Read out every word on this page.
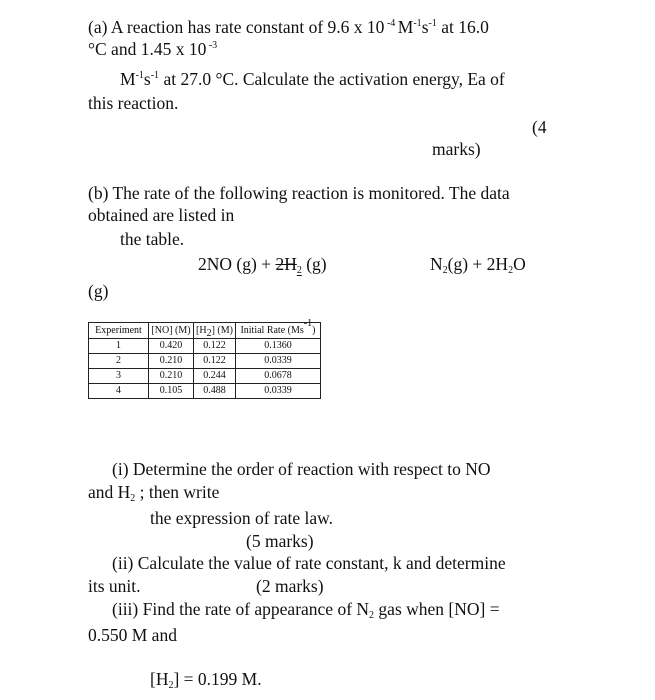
(a) A reaction has rate constant of 9.6 x 10 $^{-4}$ $M^{-1}s^{-1}$ at 16.0
°C and 1.45 x 10 $^{-3}$
$M^{-1}s^{-1}$ at 27.0 °C. Calculate the activation energy, Ea of
this reaction.
(4
marks)
(b) The rate of the following reaction is monitored. The data
obtained are listed in
the table.
2NO $(g) + 2H_2$ (g)	$N_2(g) + 2H_2O$
(g)
Experiment	[NO] (M)	$[H_2]$ (M)	Initial Rate $(Ms^{-1})$
1	0.420	0.122	0.1360
2	0.210	0.122	0.0339
3	0.210	0.244	0.0678
4	0.105	0.488	0.0339
(i) Determine the order of reaction with respect to NO
and $H_2$ ; then write
the expression of rate law.
(5 marks)
(ii) Calculate the value of rate constant, k and determine
its unit.	(2 marks)
(iii) Find the rate of appearance of $N_2$ gas when [NO] =
0.550 M and
$[H_2] = 0.199$ M.
